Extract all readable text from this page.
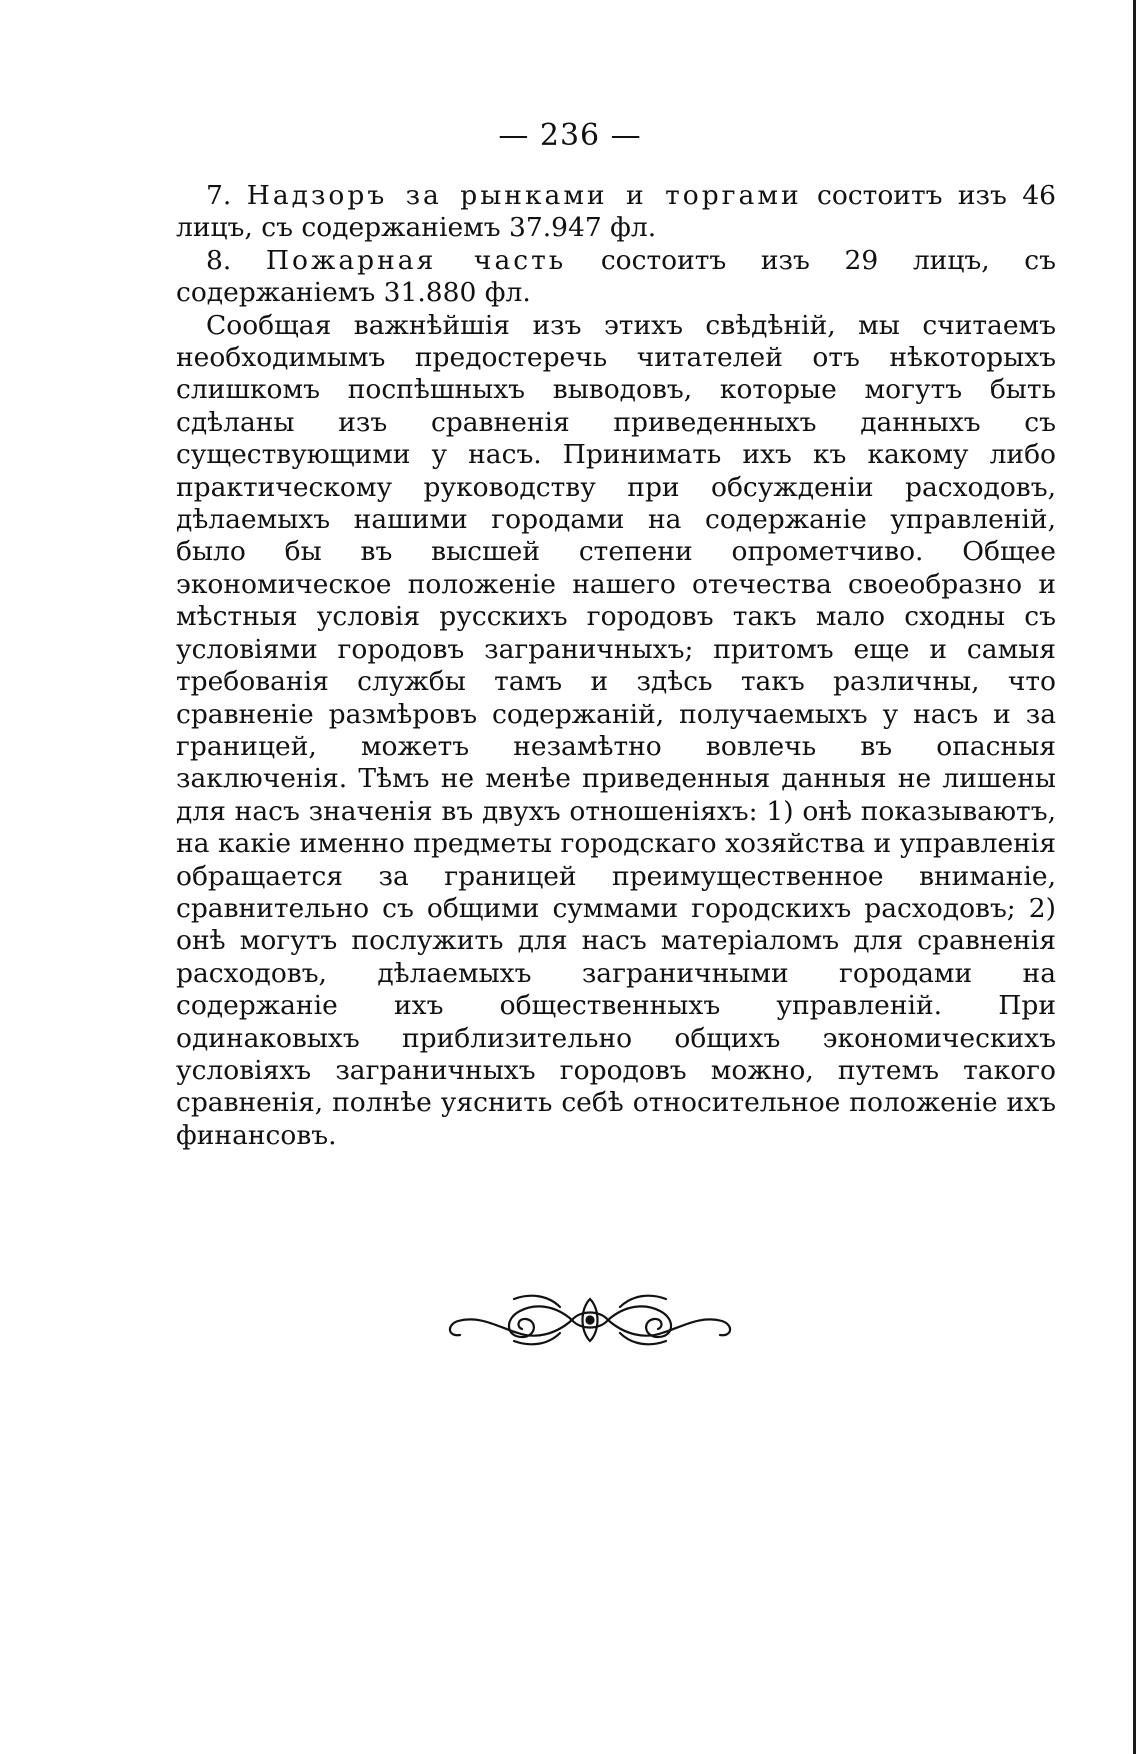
— 236 —

7. Надзоръ за рынками и торгами состоитъ изъ 46 лицъ, съ содержаніемъ 37.947 фл.

8. Пожарная часть состоитъ изъ 29 лицъ, съ содержаніемъ 31.880 фл.

Сообщая важнѣйшія изъ этихъ свѣдѣній, мы считаемъ необходимымъ предостеречь читателей отъ нѣкоторыхъ слишкомъ поспѣшныхъ выводовъ, которые могутъ быть сдѣланы изъ сравненія приведенныхъ данныхъ съ существующими у насъ. Принимать ихъ къ какому либо практическому руководству при обсужденіи расходовъ, дѣлаемыхъ нашими городами на содержаніе управленій, было бы въ высшей степени опрометчиво. Общее экономическое положеніе нашего отечества своеобразно и мѣстныя условія русскихъ городовъ такъ мало сходны съ условіями городовъ заграничныхъ; притомъ еще и самыя требованія службы тамъ и здѣсь такъ различны, что сравненіе размѣровъ содержаній, получаемыхъ у насъ и за границей, можетъ незамѣтно вовлечь въ опасныя заключенія. Тѣмъ не менѣе приведенныя данныя не лишены для насъ значенія въ двухъ отношеніяхъ: 1) онѣ показываютъ, на какіе именно предметы городскаго хозяйства и управленія обращается за границей преимущественное вниманіе, сравнительно съ общими суммами городскихъ расходовъ; 2) онѣ могутъ послужить для насъ матеріаломъ для сравненія расходовъ, дѣлаемыхъ заграничными городами на содержаніе ихъ общественныхъ управленій. При одинаковыхъ приблизительно общихъ экономическихъ условіяхъ заграничныхъ городовъ можно, путемъ такого сравненія, полнѣе уяснить себѣ относительное положеніе ихъ финансовъ.
